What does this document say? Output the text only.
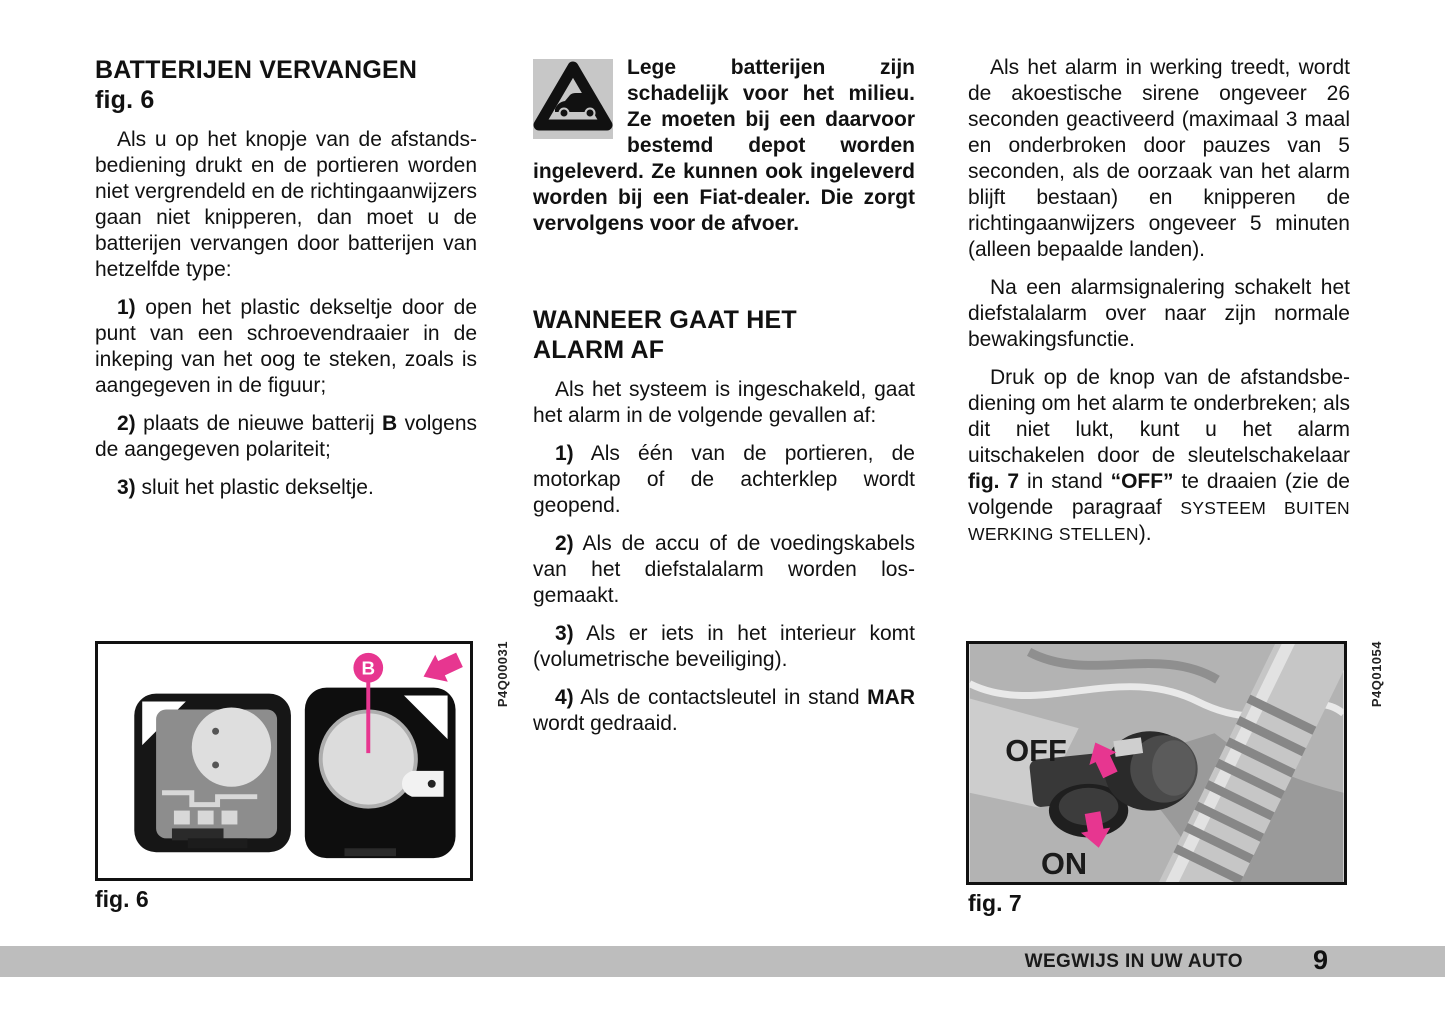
BATTERIJEN VERVANGEN
fig. 6

Als u op het knopje van de afstandsbediening drukt en de portieren worden niet vergrendeld en de richtingaanwijzers gaan niet knipperen, dan moet u de batterijen vervangen door batterijen van hetzelfde type:

1) open het plastic dekseltje door de punt van een schroevendraaier in de inkeping van het oog te steken, zoals is aangegeven in de figuur;

2) plaats de nieuwe batterij B volgens de aangegeven polariteit;

3) sluit het plastic dekseltje.

Lege batterijen zijn schadelijk voor het milieu. Ze moeten bij een daarvoor bestemd depot worden ingeleverd. Ze kunnen ook ingeleverd worden bij een Fiat-dealer. Die zorgt vervolgens voor de afvoer.
WANNEER GAAT HET
ALARM AF

Als het systeem is ingeschakeld, gaat het alarm in de volgende gevallen af:

1) Als één van de portieren, de motorkap of de achterklep wordt geopend.

2) Als de accu of de voedingskabels van het diefstalalarm worden losgemaakt.

3) Als er iets in het interieur komt (volumetrische beveiliging).

4) Als de contactsleutel in stand MAR wordt gedraaid.

Als het alarm in werking treedt, wordt de akoestische sirene ongeveer 26 seconden geactiveerd (maximaal 3 maal en onderbroken door pauzes van 5 seconden, als de oorzaak van het alarm blijft bestaan) en knipperen de richtingaanwijzers ongeveer 5 minuten (alleen bepaalde landen).

Na een alarmsignalering schakelt het diefstalalarm over naar zijn normale bewakingsfunctie.

Druk op de knop van de afstandsbediening om het alarm te onderbreken; als dit niet lukt, kunt u het alarm uitschakelen door de sleutelschakelaar fig. 7 in stand “OFF” te draaien (zie de volgende paragraaf SYSTEEM BUITEN WERKING STELLEN).

B	P4Q00031
fig. 6
OFF
ON
P4Q01054
fig. 7
WEGWIJS IN UW AUTO	9
